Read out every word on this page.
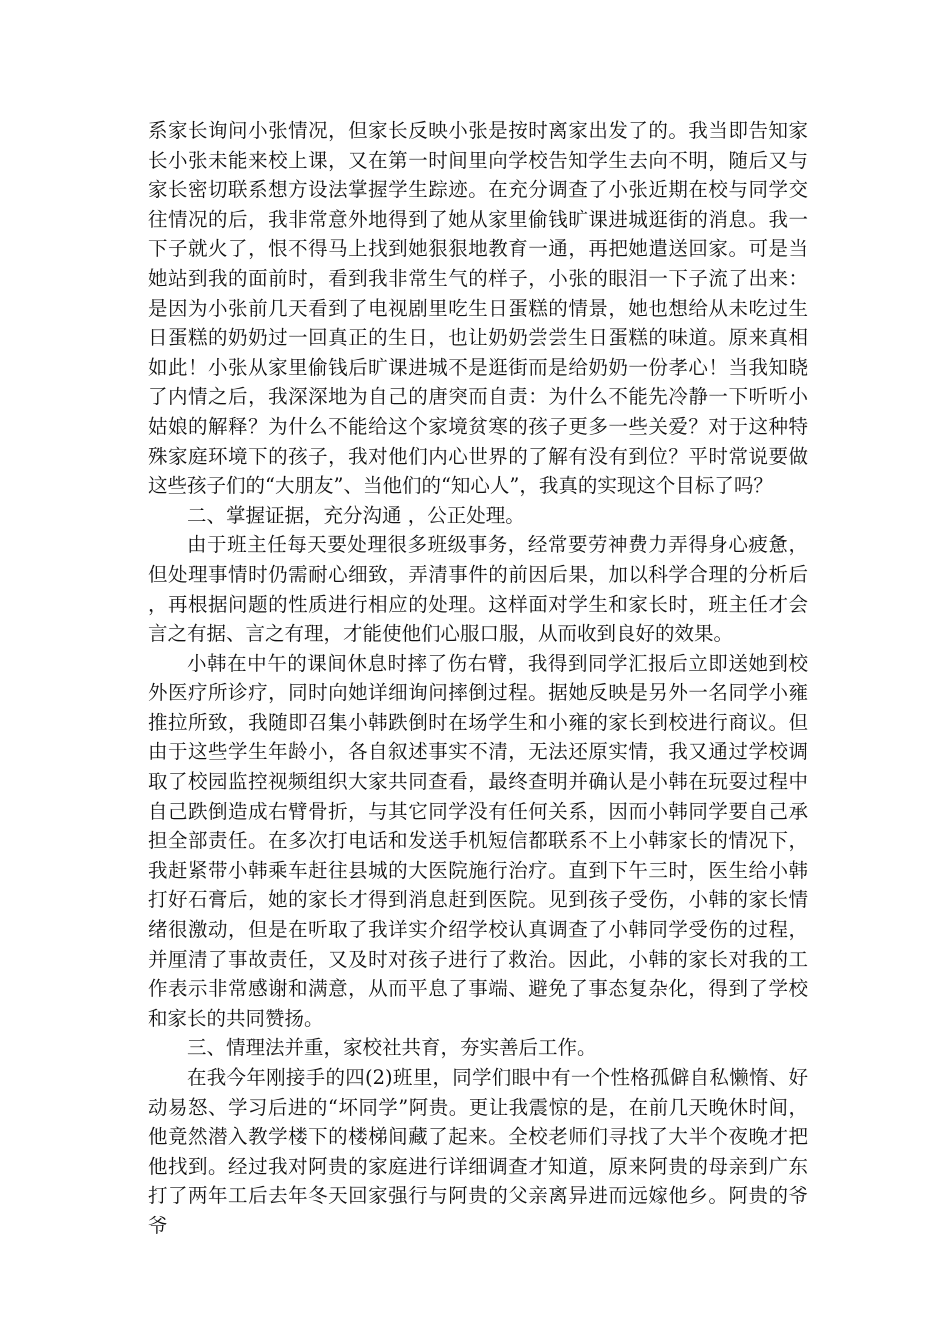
系家长询问小张情况，但家长反映小张是按时离家出发了的。我当即告知家长小张未能来校上课，又在第一时间里向学校告知学生去向不明，随后又与家长密切联系想方设法掌握学生踪迹。在充分调查了小张近期在校与同学交往情况的后，我非常意外地得到了她从家里偷钱旷课进城逛街的消息。我一下子就火了，恨不得马上找到她狠狠地教育一通，再把她遣送回家。可是当她站到我的面前时，看到我非常生气的样子，小张的眼泪一下子流了出来：是因为小张前几天看到了电视剧里吃生日蛋糕的情景，她也想给从未吃过生日蛋糕的奶奶过一回真正的生日，也让奶奶尝尝生日蛋糕的味道。原来真相如此！小张从家里偷钱后旷课进城不是逛街而是给奶奶一份孝心！当我知晓了内情之后，我深深地为自己的唐突而自责：为什么不能先冷静一下听听小姑娘的解释？为什么不能给这个家境贫寒的孩子更多一些关爱？对于这种特殊家庭环境下的孩子，我对他们内心世界的了解有没有到位？平时常说要做这些孩子们的“大朋友”、当他们的“知心人”，我真的实现这个目标了吗？

二、掌握证据，充分沟通 ，公正处理。

由于班主任每天要处理很多班级事务，经常要劳神费力弄得身心疲惫，但处理事情时仍需耐心细致，弄清事件的前因后果，加以科学合理的分析后，再根据问题的性质进行相应的处理。这样面对学生和家长时，班主任才会言之有据、言之有理，才能使他们心服口服，从而收到良好的效果。

小韩在中午的课间休息时摔了伤右臂，我得到同学汇报后立即送她到校外医疗所诊疗，同时向她详细询问摔倒过程。据她反映是另外一名同学小雍推拉所致，我随即召集小韩跌倒时在场学生和小雍的家长到校进行商议。但由于这些学生年龄小，各自叙述事实不清，无法还原实情，我又通过学校调取了校园监控视频组织大家共同查看，最终查明并确认是小韩在玩耍过程中自己跌倒造成右臂骨折，与其它同学没有任何关系，因而小韩同学要自己承担全部责任。在多次打电话和发送手机短信都联系不上小韩家长的情况下，我赶紧带小韩乘车赶往县城的大医院施行治疗。直到下午三时，医生给小韩打好石膏后，她的家长才得到消息赶到医院。见到孩子受伤，小韩的家长情绪很激动，但是在听取了我详实介绍学校认真调查了小韩同学受伤的过程，并厘清了事故责任，又及时对孩子进行了救治。因此，小韩的家长对我的工作表示非常感谢和满意，从而平息了事端、避免了事态复杂化，得到了学校和家长的共同赞扬。

三、情理法并重，家校社共育，夯实善后工作。

在我今年刚接手的四(2)班里，同学们眼中有一个性格孤僻自私懒惰、好动易怒、学习后进的“坏同学”阿贵。更让我震惊的是，在前几天晚休时间，他竟然潜入教学楼下的楼梯间藏了起来。全校老师们寻找了大半个夜晚才把他找到。经过我对阿贵的家庭进行详细调查才知道，原来阿贵的母亲到广东打了两年工后去年冬天回家强行与阿贵的父亲离异进而远嫁他乡。阿贵的爷爷
